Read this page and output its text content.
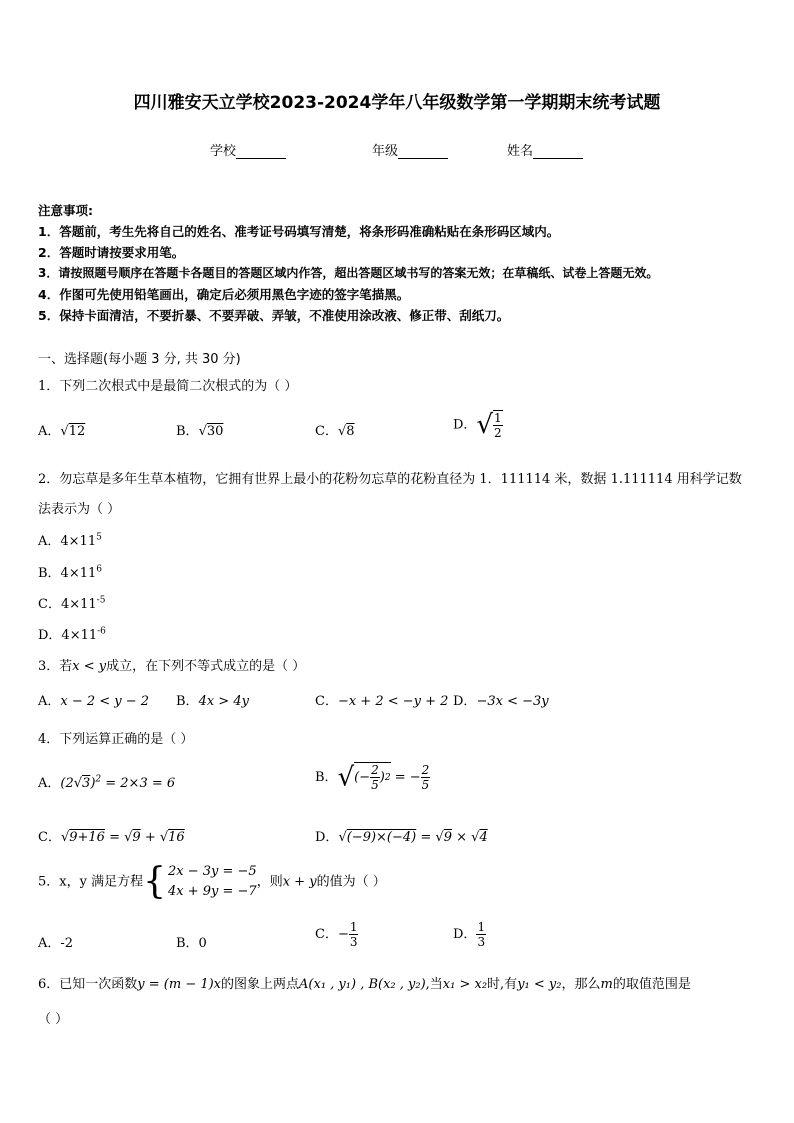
四川雅安天立学校2023-2024学年八年级数学第一学期期末统考试题
学校	年级	姓名
注意事项:
1．答题前，考生先将自己的姓名、准考证号码填写清楚，将条形码准确粘贴在条形码区域内。
2．答题时请按要求用笔。
3．请按照题号顺序在答题卡各题目的答题区域内作答，超出答题区域书写的答案无效；在草稿纸、试卷上答题无效。
4．作图可先使用铅笔画出，确定后必须用黑色字迹的签字笔描黑。
5．保持卡面清洁，不要折暴、不要弄破、弄皱，不准使用涂改液、修正带、刮纸刀。
一、选择题(每小题 3 分, 共 30 分)
1．下列二次根式中是最简二次根式的为（ ）
A．√12	B．√30	C．√8	D．√ $\frac{1}{2}$
2．勿忘草是多年生草本植物，它拥有世界上最小的花粉勿忘草的花粉直径为 1．111114 米，数据 1.111114 用科学记数
法表示为（ ）
A．$4\times 11^5$
B．$4\times 11^6$
C．$4\times 11^{-5}$
D．$4\times 11^{-6}$
3．若x < y成立，在下列不等式成立的是（ ）
A．x − 2 < y − 2 B．4x > 4y	C．−x + 2 < −y + 2 D．−3x < −3y
4．下列运算正确的是（ ）
A．$(2√3)^2 = 2\times 3 = 6$	B．√(− $\frac{2}{5}$ ) 2 = − $\frac{2}{5}$
C．√9+16 = √9 + √16	D．√(−9)×(−4) = √9 × √4
5．x，y 满足方程 { 2x − 3y = −5
4x + 9y = −7
，则x + y的值为（ ）
A．-2	B．0
C．− $\frac{1}{3}$	D． $\frac{1}{3}$
6．已知一次函数y = (m − 1)x的图象上两点A(x₁ , y₁) , B(x₂ , y₂),当x₁ > x₂时,有y₁ < y₂，那么m的取值范围是
（ ）
